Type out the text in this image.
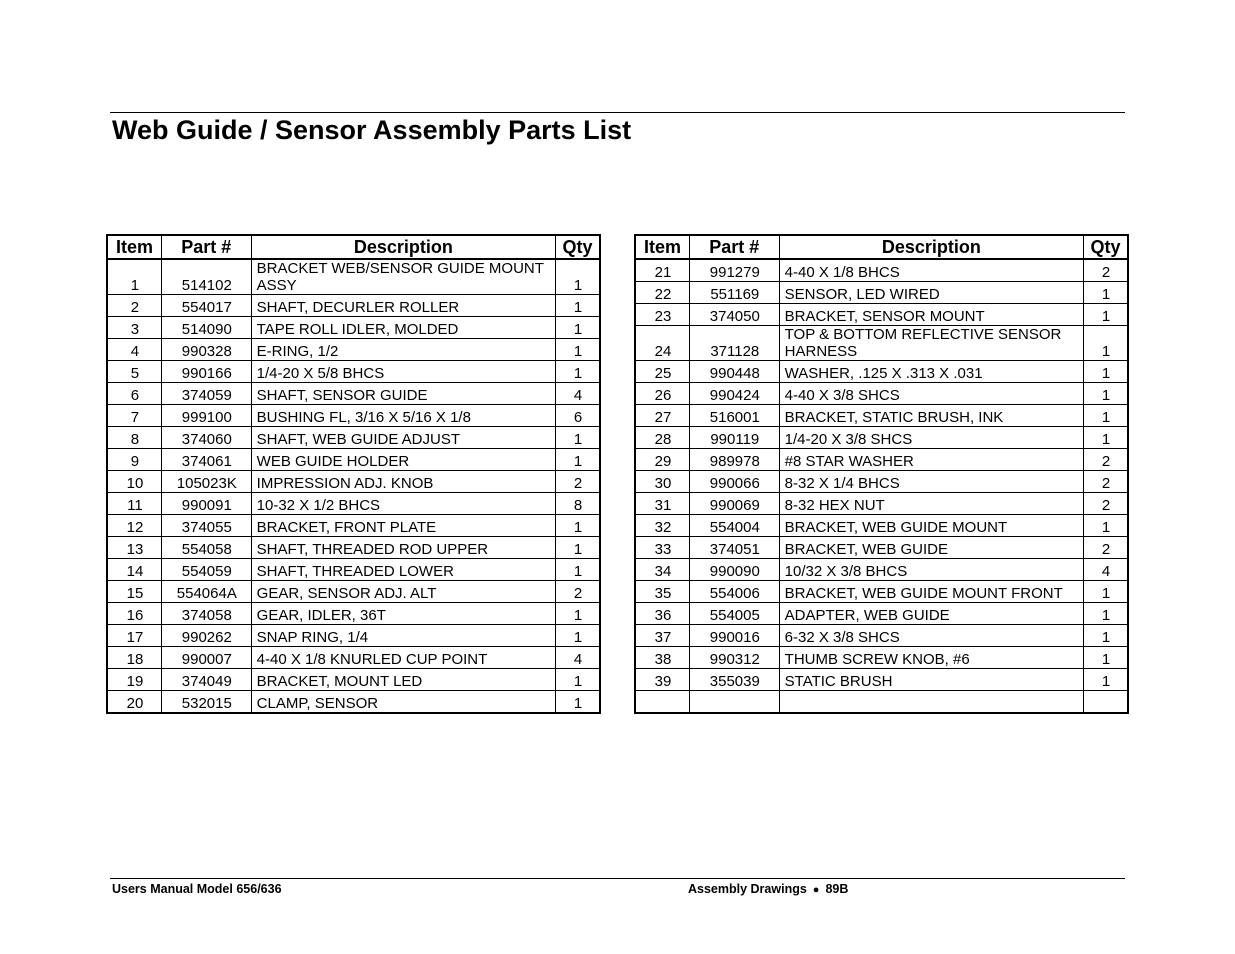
Web Guide / Sensor Assembly Parts List
Item	Part #	Description	Qty
1	514102	BRACKET WEB/SENSOR GUIDE MOUNT ASSY	1
2	554017	SHAFT, DECURLER ROLLER	1
3	514090	TAPE ROLL IDLER, MOLDED	1
4	990328	E-RING, 1/2	1
5	990166	1/4-20 X 5/8 BHCS	1
6	374059	SHAFT, SENSOR GUIDE	4
7	999100	BUSHING FL, 3/16 X 5/16 X 1/8	6
8	374060	SHAFT, WEB GUIDE ADJUST	1
9	374061	WEB GUIDE HOLDER	1
10	105023K	IMPRESSION ADJ. KNOB	2
11	990091	10-32 X 1/2 BHCS	8
12	374055	BRACKET, FRONT PLATE	1
13	554058	SHAFT, THREADED ROD UPPER	1
14	554059	SHAFT, THREADED LOWER	1
15	554064A	GEAR, SENSOR ADJ. ALT	2
16	374058	GEAR, IDLER, 36T	1
17	990262	SNAP RING, 1/4	1
18	990007	4-40 X 1/8 KNURLED CUP POINT	4
19	374049	BRACKET, MOUNT LED	1
20	532015	CLAMP, SENSOR	1
Item	Part #	Description	Qty
21	991279	4-40 X 1/8 BHCS	2
22	551169	SENSOR, LED WIRED	1
23	374050	BRACKET, SENSOR MOUNT	1
24	371128	TOP & BOTTOM REFLECTIVE SENSOR HARNESS	1
25	990448	WASHER, .125 X .313 X .031	1
26	990424	4-40 X 3/8 SHCS	1
27	516001	BRACKET, STATIC BRUSH, INK	1
28	990119	1/4-20 X 3/8 SHCS	1
29	989978	#8 STAR WASHER	2
30	990066	8-32 X 1/4 BHCS	2
31	990069	8-32 HEX NUT	2
32	554004	BRACKET, WEB GUIDE MOUNT	1
33	374051	BRACKET, WEB GUIDE	2
34	990090	10/32 X 3/8 BHCS	4
35	554006	BRACKET, WEB GUIDE MOUNT FRONT	1
36	554005	ADAPTER, WEB GUIDE	1
37	990016	6-32 X 3/8 SHCS	1
38	990312	THUMB SCREW KNOB, #6	1
39	355039	STATIC BRUSH	1

Users Manual Model 656/636	Assembly Drawings ● 89B
